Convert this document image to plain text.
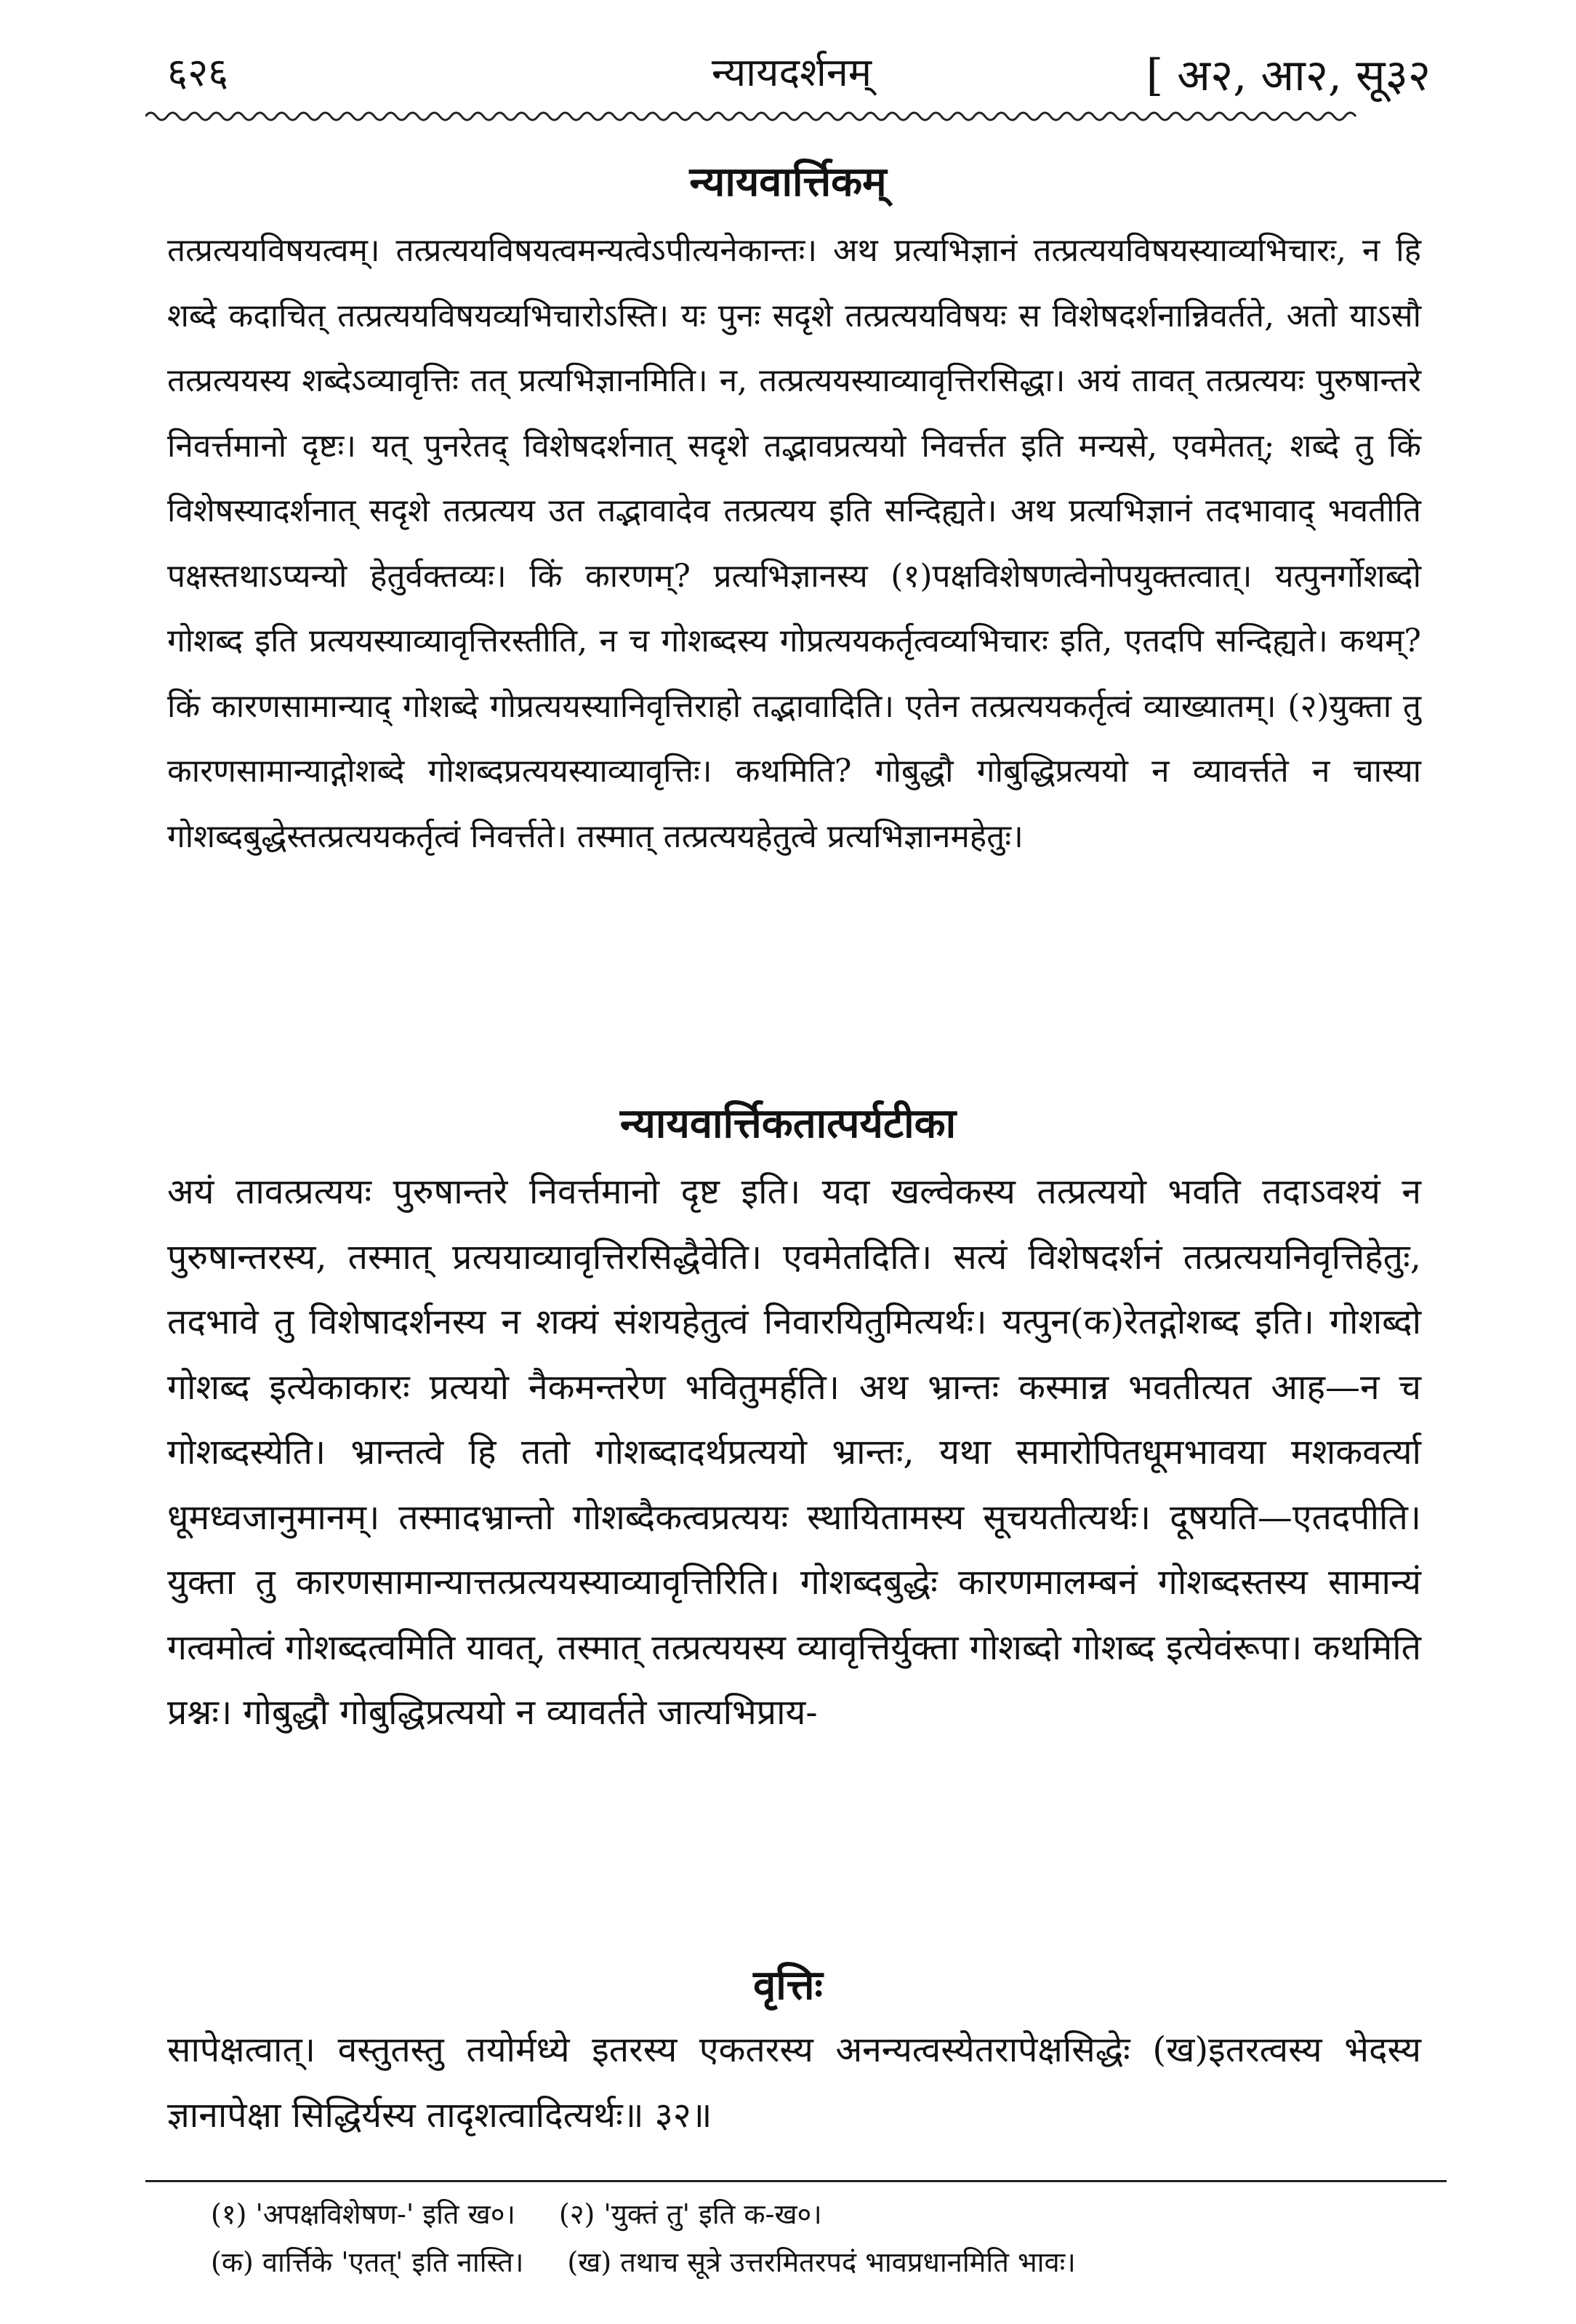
६२६	न्यायदर्शनम्	[ अ२, आ२, सू३२
न्यायवार्त्तिकम्
तत्प्रत्ययविषयत्वम्। तत्प्रत्ययविषयत्वमन्यत्वेऽपीत्यनेकान्तः। अथ प्रत्यभिज्ञानं तत्प्रत्ययविषयस्याव्यभिचारः, न हि शब्दे कदाचित् तत्प्रत्ययविषयव्यभिचारोऽस्ति। यः पुनः सदृशे तत्प्रत्ययविषयः स विशेषदर्शनान्निवर्तते, अतो याऽसौ तत्प्रत्ययस्य शब्देऽव्यावृत्तिः तत् प्रत्यभिज्ञानमिति। न, तत्प्रत्ययस्याव्यावृत्तिरसिद्धा। अयं तावत् तत्प्रत्ययः पुरुषान्तरे निवर्त्तमानो दृष्टः। यत् पुनरेतद् विशेषदर्शनात् सदृशे तद्भावप्रत्ययो निवर्त्तत इति मन्यसे, एवमेतत्; शब्दे तु किं विशेषस्यादर्शनात् सदृशे तत्प्रत्यय उत तद्भावादेव तत्प्रत्यय इति सन्दिह्यते। अथ प्रत्यभिज्ञानं तदभावाद् भवतीति पक्षस्तथाऽप्यन्यो हेतुर्वक्तव्यः। किं कारणम्? प्रत्यभिज्ञानस्य (१)पक्षविशेषणत्वेनोपयुक्तत्वात्। यत्पुनर्गोशब्दो गोशब्द इति प्रत्ययस्याव्यावृत्तिरस्तीति, न च गोशब्दस्य गोप्रत्ययकर्तृत्वव्यभिचारः इति, एतदपि सन्दिह्यते। कथम्? किं कारणसामान्याद् गोशब्दे गोप्रत्ययस्यानिवृत्तिराहो तद्भावादिति। एतेन तत्प्रत्ययकर्तृत्वं व्याख्यातम्। (२)युक्ता तु कारणसामान्याद्गोशब्दे गोशब्दप्रत्ययस्याव्यावृत्तिः। कथमिति? गोबुद्धौ गोबुद्धिप्रत्ययो न व्यावर्त्तते न चास्या गोशब्दबुद्धेस्तत्प्रत्ययकर्तृत्वं निवर्त्तते। तस्मात् तत्प्रत्ययहेतुत्वे प्रत्यभिज्ञानमहेतुः।
न्यायवार्त्तिकतात्पर्यटीका
अयं तावत्प्रत्ययः पुरुषान्तरे निवर्त्तमानो दृष्ट इति। यदा खल्वेकस्य तत्प्रत्ययो भवति तदाऽवश्यं न पुरुषान्तरस्य, तस्मात् प्रत्ययाव्यावृत्तिरसिद्धैवेति। एवमेतदिति। सत्यं विशेषदर्शनं तत्प्रत्ययनिवृत्तिहेतुः, तदभावे तु विशेषादर्शनस्य न शक्यं संशयहेतुत्वं निवारयितुमित्यर्थः। यत्पुन(क)रेतद्गोशब्द इति। गोशब्दो गोशब्द इत्येकाकारः प्रत्ययो नैकमन्तरेण भवितुमर्हति। अथ भ्रान्तः कस्मान्न भवतीत्यत आह—न च गोशब्दस्येति। भ्रान्तत्वे हि ततो गोशब्दादर्थप्रत्ययो भ्रान्तः, यथा समारोपितधूमभावया मशकवर्त्या धूमध्वजानुमानम्। तस्मादभ्रान्तो गोशब्दैकत्वप्रत्ययः स्थायितामस्य सूचयतीत्यर्थः। दूषयति—एतदपीति। युक्ता तु कारणसामान्यात्तत्प्रत्ययस्याव्यावृत्तिरिति। गोशब्दबुद्धेः कारणमालम्बनं गोशब्दस्तस्य सामान्यं गत्वमोत्वं गोशब्दत्वमिति यावत्, तस्मात् तत्प्रत्ययस्य व्यावृत्तिर्युक्ता गोशब्दो गोशब्द इत्येवंरूपा। कथमिति प्रश्नः। गोबुद्धौ गोबुद्धिप्रत्ययो न व्यावर्तते जात्यभिप्राय-
वृत्तिः
सापेक्षत्वात्। वस्तुतस्तु तयोर्मध्ये इतरस्य एकतरस्य अनन्यत्वस्येतरापेक्षसिद्धेः (ख)इतरत्वस्य भेदस्य ज्ञानापेक्षा सिद्धिर्यस्य तादृशत्वादित्यर्थः॥ ३२॥
(१) 'अपक्षविशेषण-' इति ख०। (२) 'युक्तं तु' इति क-ख०।
(क) वार्त्तिके 'एतत्' इति नास्ति। (ख) तथाच सूत्रे उत्तरमितरपदं भावप्रधानमिति भावः।
